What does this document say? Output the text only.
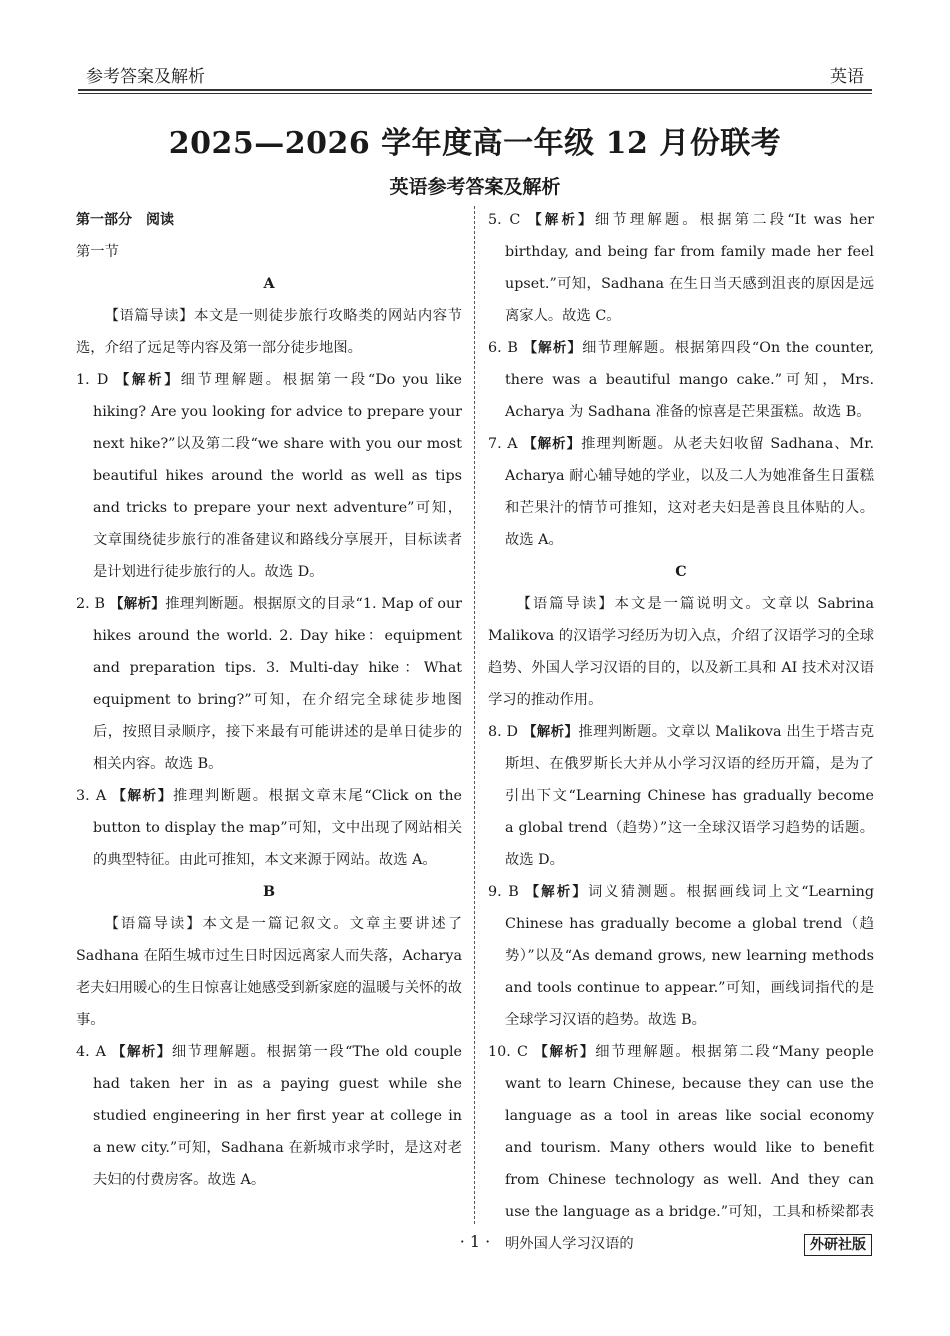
参考答案及解析	英语
2025—2026 学年度高一年级 12 月份联考
英语参考答案及解析
第一部分　阅读
第一节
A
【语篇导读】本文是一则徒步旅行攻略类的网站内容节选，介绍了远足等内容及第一部分徒步地图。
1. D 【解析】细节理解题。根据第一段“Do you like hiking? Are you looking for advice to prepare your next hike?”以及第二段“we share with you our most beautiful hikes around the world as well as tips and tricks to prepare your next adventure”可知，文章围绕徒步旅行的准备建议和路线分享展开，目标读者是计划进行徒步旅行的人。故选 D。
2. B 【解析】推理判断题。根据原文的目录“1. Map of our hikes around the world. 2. Day hike：equipment and preparation tips. 3. Multi-day hike：What equipment to bring?”可知，在介绍完全球徒步地图后，按照目录顺序，接下来最有可能讲述的是单日徒步的相关内容。故选 B。
3. A 【解析】推理判断题。根据文章末尾“Click on the button to display the map”可知，文中出现了网站相关的典型特征。由此可推知，本文来源于网站。故选 A。
B
【语篇导读】本文是一篇记叙文。文章主要讲述了 Sadhana 在陌生城市过生日时因远离家人而失落，Acharya 老夫妇用暖心的生日惊喜让她感受到新家庭的温暖与关怀的故事。
4. A 【解析】细节理解题。根据第一段“The old couple had taken her in as a paying guest while she studied engineering in her first year at college in a new city.”可知，Sadhana 在新城市求学时，是这对老夫妇的付费房客。故选 A。
5. C 【解析】细节理解题。根据第二段“It was her birthday, and being far from family made her feel upset.”可知，Sadhana 在生日当天感到沮丧的原因是远离家人。故选 C。
6. B 【解析】细节理解题。根据第四段“On the counter, there was a beautiful mango cake.”可知，Mrs. Acharya 为 Sadhana 准备的惊喜是芒果蛋糕。故选 B。
7. A 【解析】推理判断题。从老夫妇收留 Sadhana、Mr. Acharya 耐心辅导她的学业，以及二人为她准备生日蛋糕和芒果汁的情节可推知，这对老夫妇是善良且体贴的人。故选 A。
C
【语篇导读】本文是一篇说明文。文章以 Sabrina Malikova 的汉语学习经历为切入点，介绍了汉语学习的全球趋势、外国人学习汉语的目的，以及新工具和 AI 技术对汉语学习的推动作用。
8. D 【解析】推理判断题。文章以 Malikova 出生于塔吉克斯坦、在俄罗斯长大并从小学习汉语的经历开篇，是为了引出下文“Learning Chinese has gradually become a global trend（趋势）”这一全球汉语学习趋势的话题。故选 D。
9. B 【解析】词义猜测题。根据画线词上文“Learning Chinese has gradually become a global trend（趋势）”以及“As demand grows, new learning methods and tools continue to appear.”可知，画线词指代的是全球学习汉语的趋势。故选 B。
10. C 【解析】细节理解题。根据第二段“Many people want to learn Chinese, because they can use the language as a tool in areas like social economy and tourism. Many others would like to benefit from Chinese technology as well. And they can use the language as a bridge.”可知，工具和桥梁都表明外国人学习汉语的
· 1 ·	外研社版
